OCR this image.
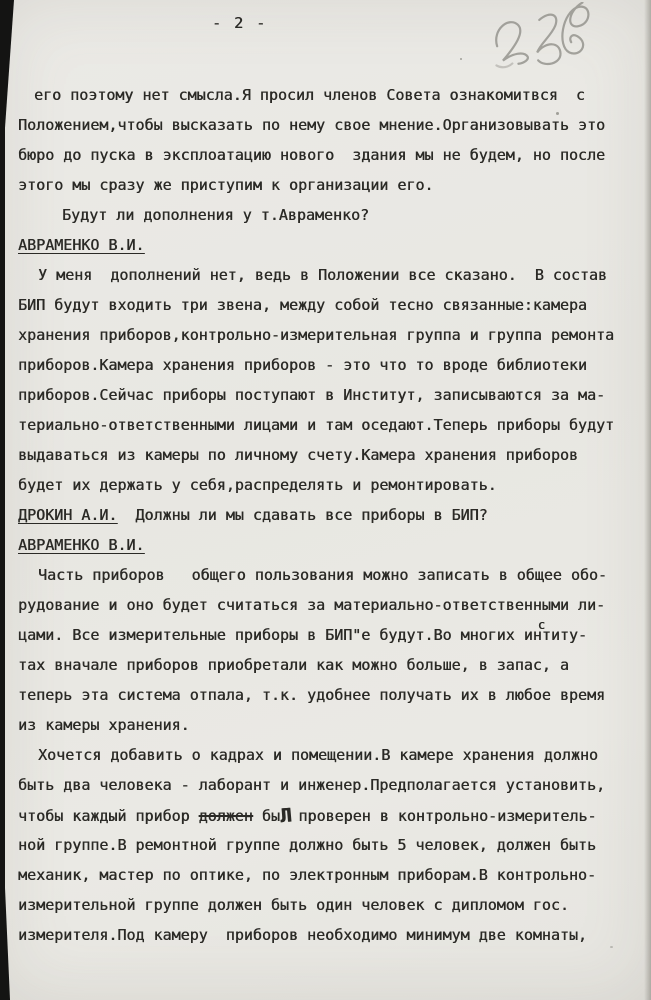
- 2 -
его поэтому нет смысла.Я просил членов Совета ознакомитвся  с
Положением,чтобы высказать по нему свое мнение.Организовывать это
бюро до пуска в эксплоатацию нового  здания мы не будем, но после
этого мы сразу же приступим к организации его.
Будут ли дополнения у т.Авраменко?
АВРАМЕНКО В.И.
У меня  дополнений нет, ведь в Положении все сказано.  В состав
БИП будут входить три звена, между собой тесно связанные:камера
хранения приборов,контрольно-измерительная группа и группа ремонта
приборов.Камера хранения приборов - это что то вроде библиотеки
приборов.Сейчас приборы поступают в Институт, записываются за ма-
териально-ответственными лицами и там оседают.Теперь приборы будут
выдаваться из камеры по личному счету.Камера хранения приборов
будет их держать у себя,распределять и ремонтировать.
ДРОКИН А.И.  Должны ли мы сдавать все приборы в БИП?
АВРАМЕНКО В.И.
Часть приборов   общего пользования можно записать в общее обо-
рудование и оно будет считаться за материально-ответственными ли-
цами. Все измерительные приборы в БИП"е будут.Во многих институ-
тах вначале приборов приобретали как можно больше, в запас, а
теперь эта система отпала, т.к. удобнее получать их в любое время
из камеры хранения.
Хочется добавить о кадрах и помещении.В камере хранения должно
быть два человека - лаборант и инженер.Предполагается установить,
чтобы каждый прибор должен быЛ проверен в контрольно-измеритель-
ной группе.В ремонтной группе должно быть 5 человек, должен быть
механик, мастер по оптике, по электронным приборам.В контрольно-
измерительной группе должен быть один человек с дипломом гос.
измерителя.Под камеру  приборов необходимо минимум две комнаты,
